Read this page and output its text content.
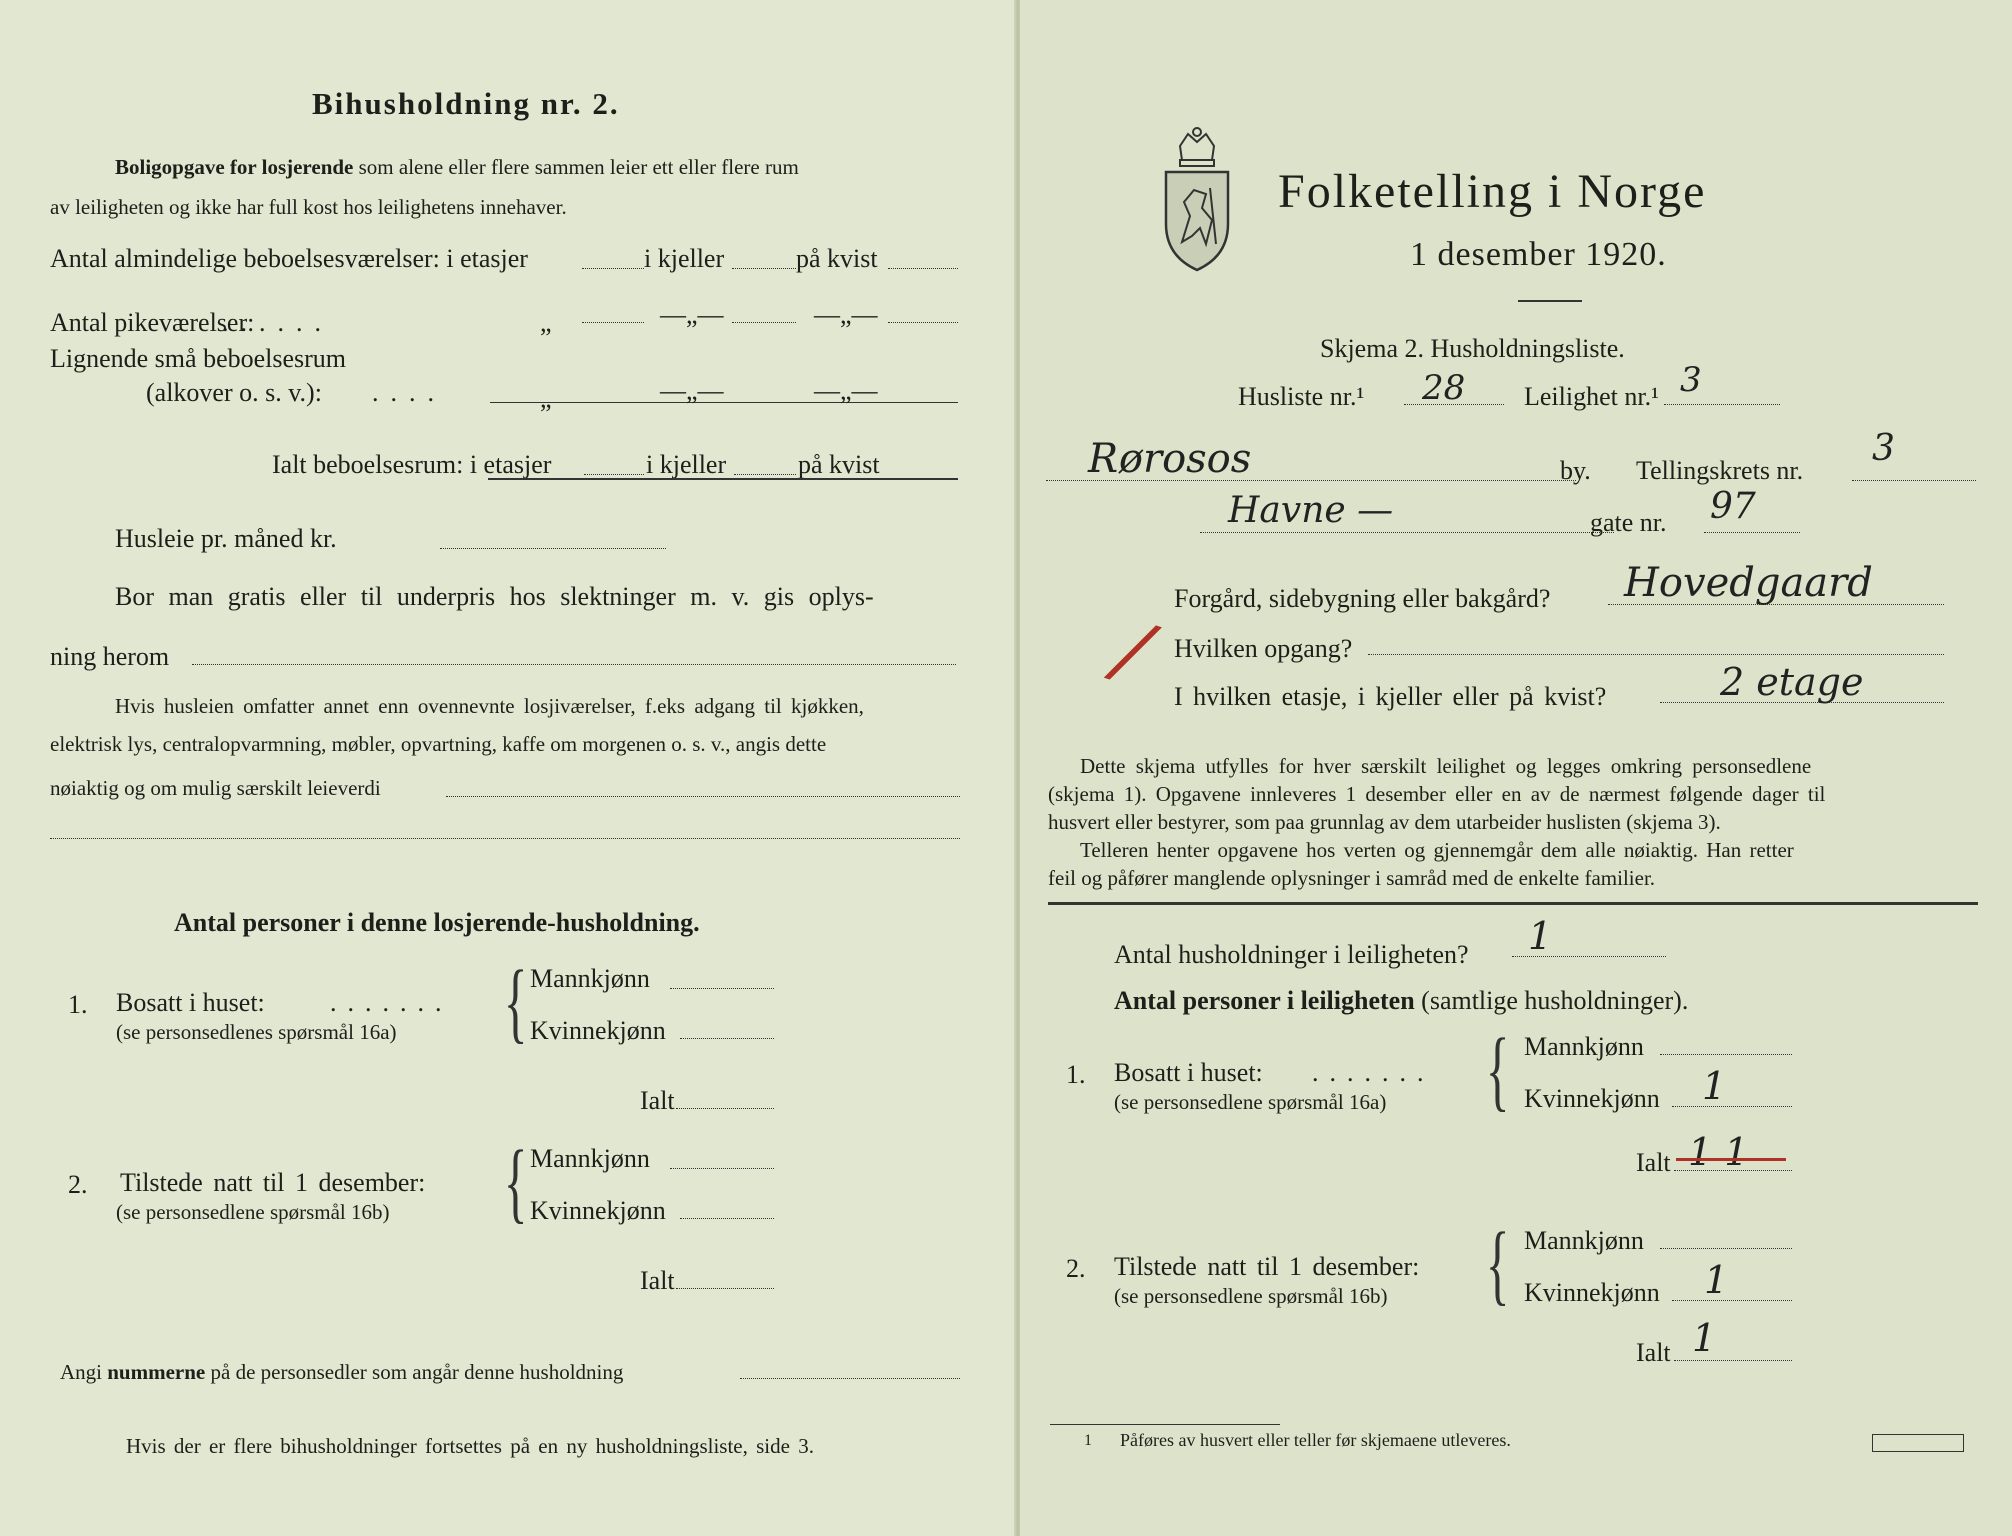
Bihusholdning nr. 2.
Boligopgave for losjerende som alene eller flere sammen leier ett eller flere rum
av leiligheten og ikke har full kost hos leilighetens innehaver.
Antal almindelige beboelsesværelser: i etasjer	i kjeller	på kvist
Antal pikeværelser:
......	„	—„—	—„—
Lignende små beboelsesrum
(alkover o. s. v.): ....	„	—„—	—„—
Ialt beboelsesrum: i etasjer	i kjeller	på kvist
Husleie pr. måned kr.
Bor man gratis eller til underpris hos slektninger m. v. gis oplys-
ning herom
Hvis husleien omfatter annet enn ovennevnte losjiværelser, f.eks adgang til kjøkken,
elektrisk lys, centralopvarmning, møbler, opvartning, kaffe om morgenen o. s. v., angis dette
nøiaktig og om mulig særskilt leieverdi
Antal personer i denne losjerende-husholdning.
1. Bosatt i huset:	.......
(se personsedlenes spørsmål 16a) { Mannkjønn
Kvinnekjønn
Ialt
2. Tilstede natt til 1 desember:
(se personsedlene spørsmål 16b) { Mannkjønn
Kvinnekjønn
Ialt
Angi nummerne på de personsedler som angår denne husholdning
Hvis der er flere bihusholdninger fortsettes på en ny husholdningsliste, side 3.
Folketelling i Norge
1 desember 1920.
Skjema 2. Husholdningsliste.
Husliste nr.¹ 28 Leilighet nr.¹ 3
Rørosos	by. Tellingskrets nr.
3
Havne —	gate nr. 97
/
Forgård, sidebygning eller bakgård? Hovedgaard
Hvilken opgang?
I hvilken etasje, i kjeller eller på kvist?	2 etage
Dette skjema utfylles for hver særskilt leilighet og legges omkring personsedlene
(skjema 1). Opgavene innleveres 1 desember eller en av de nærmest følgende dager til
husvert eller bestyrer, som paa grunnlag av dem utarbeider huslisten (skjema 3).
Telleren henter opgavene hos verten og gjennemgår dem alle nøiaktig. Han retter
feil og påfører manglende oplysninger i samråd med de enkelte familier.
Antal husholdninger i leiligheten? 1
Antal personer i leiligheten (samtlige husholdninger).
1. Bosatt i huset: .......
(se personsedlene spørsmål 16a) { Mannkjønn
Kvinnekjønn 1
Ialt 1 1
2. Tilstede natt til 1 desember:
(se personsedlene spørsmål 16b) { Mannkjønn
Kvinnekjønn 1
Ialt 1
1 Påføres av husvert eller teller før skjemaene utleveres.
